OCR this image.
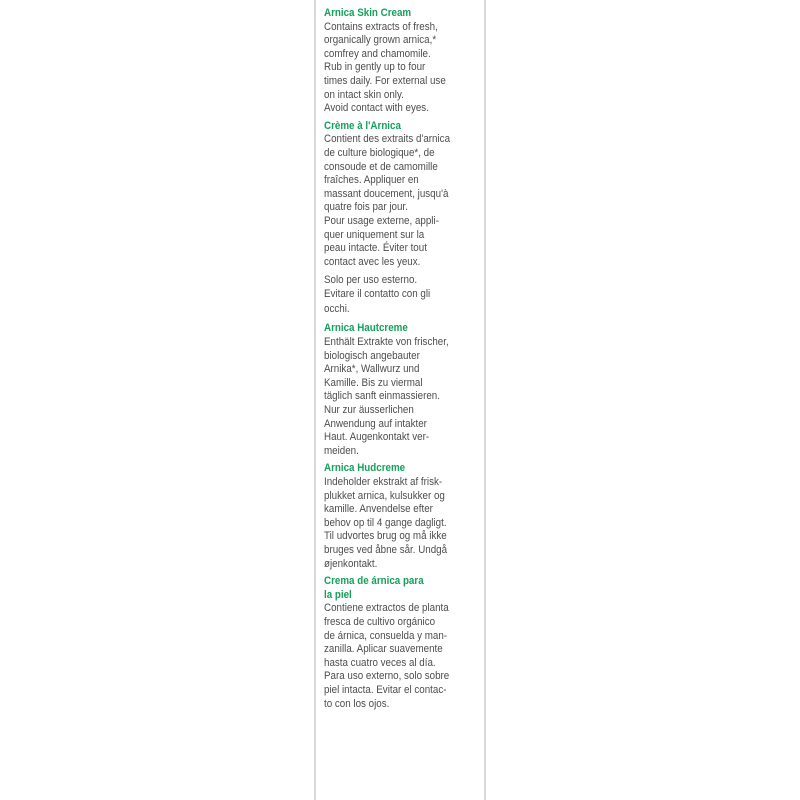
Arnica Skin Cream
Contains extracts of fresh,
organically grown arnica,*
comfrey and chamomile.
Rub in gently up to four
times daily. For external use
on intact skin only.
Avoid contact with eyes.
Crème à l'Arnica
Contient des extraits d'arnica
de culture biologique*, de
consoude et de camomille
fraîches. Appliquer en
massant doucement, jusqu'à
quatre fois par jour.
Pour usage externe, appli-
quer uniquement sur la
peau intacte. Éviter tout
contact avec les yeux.
Solo per uso esterno.
Evitare il contatto con gli
occhi.
Arnica Hautcreme
Enthält Extrakte von frischer,
biologisch angebauter
Arnika*, Wallwurz und
Kamille. Bis zu viermal
täglich sanft einmassieren.
Nur zur äusserlichen
Anwendung auf intakter
Haut. Augenkontakt ver-
meiden.
Arnica Hudcreme
Indeholder ekstrakt af frisk-
plukket arnica, kulsukker og
kamille. Anvendelse efter
behov op til 4 gange dagligt.
Til udvortes brug og må ikke
bruges ved åbne sår. Undgå
øjenkontakt.
Crema de árnica para
la piel
Contiene extractos de planta
fresca de cultivo orgánico
de árnica, consuelda y man-
zanilla. Aplicar suavemente
hasta cuatro veces al día.
Para uso externo, solo sobre
piel intacta. Evitar el contac-
to con los ojos.
